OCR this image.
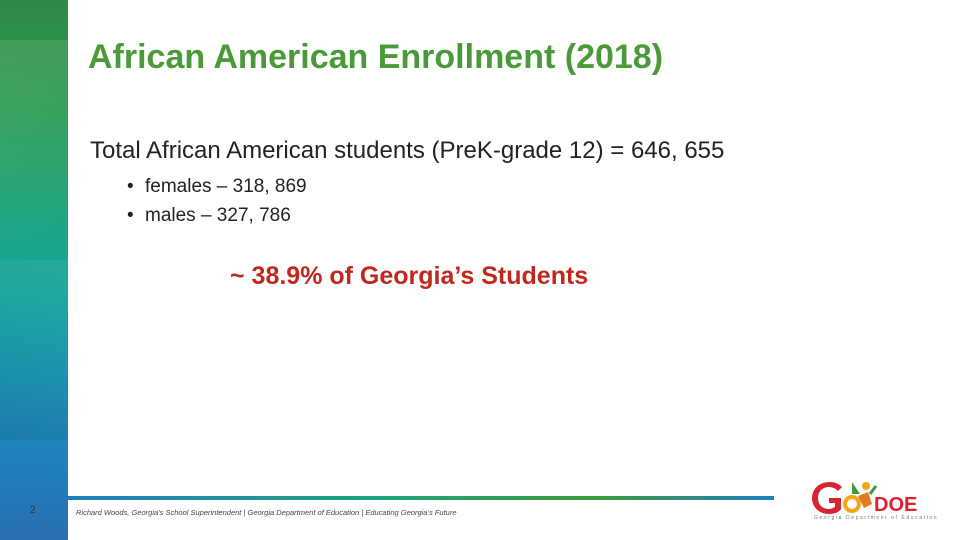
African American Enrollment (2018)
Total African American students (PreK-grade 12) = 646, 655
• females – 318, 869
• males – 327, 786
~ 38.9% of Georgia’s Students
2	Richard Woods, Georgia’s School Superintendent | Georgia Department of Education | Educating Georgia’s Future	DOE
Georgia Department of Education
